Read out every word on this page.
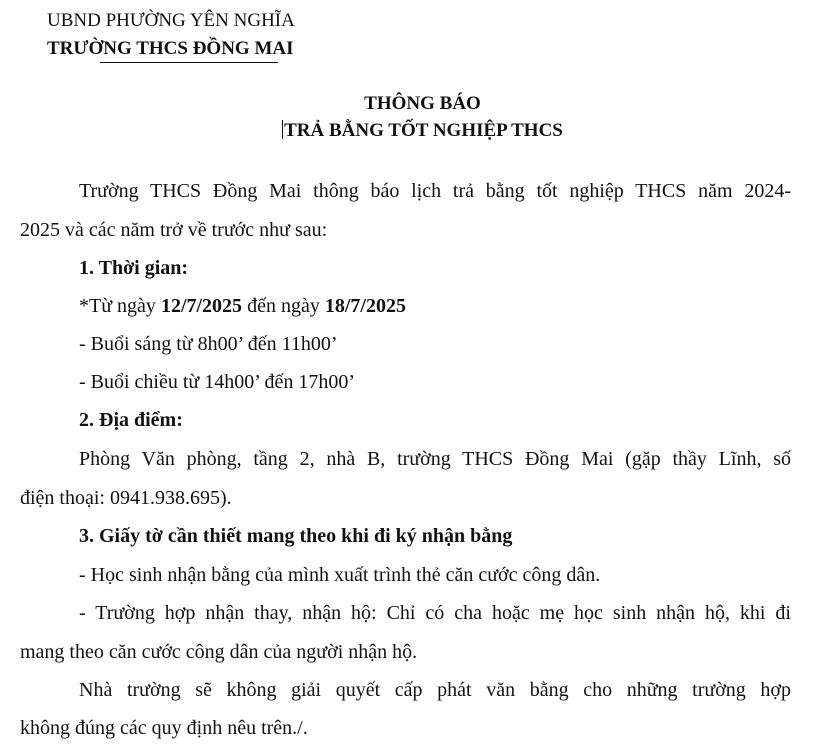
UBND PHƯỜNG YÊN NGHĨA
TRƯỜNG THCS ĐỒNG MAI
THÔNG BÁO
TRẢ BẰNG TỐT NGHIỆP THCS
Trường THCS Đồng Mai thông báo lịch trả bằng tốt nghiệp THCS năm 2024-
2025 và các năm trở về trước như sau:
1. Thời gian:
*Từ ngày 12/7/2025 đến ngày 18/7/2025
- Buổi sáng từ 8h00’ đến 11h00’
- Buổi chiều từ 14h00’ đến 17h00’
2. Địa điểm:
Phòng Văn phòng, tầng 2, nhà B, trường THCS Đồng Mai (gặp thầy Lĩnh, số
điện thoại: 0941.938.695).
3. Giấy tờ cần thiết mang theo khi đi ký nhận bằng
- Học sinh nhận bằng của mình xuất trình thẻ căn cước công dân.
- Trường hợp nhận thay, nhận hộ: Chỉ có cha hoặc mẹ học sinh nhận hộ, khi đi
mang theo căn cước công dân của người nhận hộ.
Nhà trường sẽ không giải quyết cấp phát văn bằng cho những trường hợp
không đúng các quy định nêu trên./.
